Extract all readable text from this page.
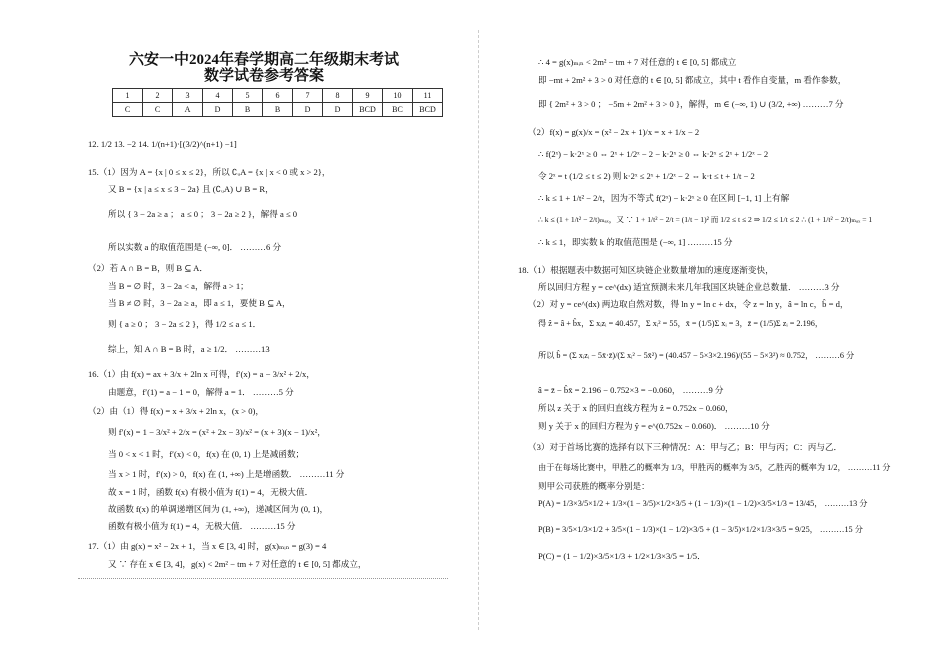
六安一中2024年春学期高二年级期末考试
数学试卷参考答案
1	2	3	4	5	6	7	8	9	10	11
C	C	A	D	B	B	D	D	BCD	BC	BCD
12. 1/2 13. −2 14. 1/(n+1)·[(3/2)^(n+1) −1]
15.（1）因为 A = {x | 0 ≤ x ≤ 2}，所以 ∁ᵤA = {x | x < 0 或 x > 2}，
又 B = {x | a ≤ x ≤ 3 − 2a} 且 (∁ᵤA) ∪ B = R，
所以 { 3 − 2a ≥ a ； a ≤ 0 ； 3 − 2a ≥ 2 }，解得 a ≤ 0
所以实数 a 的取值范围是 (−∞, 0]． ………6 分
（2）若 A ∩ B = B，则 B ⊆ A．
当 B = ∅ 时，3 − 2a < a，解得 a > 1；
当 B ≠ ∅ 时，3 − 2a ≥ a，即 a ≤ 1，要使 B ⊆ A，
则 { a ≥ 0 ； 3 − 2a ≤ 2 }，得 1/2 ≤ a ≤ 1．
综上，知 A ∩ B = B 时，a ≥ 1/2． ………13
16.（1）由 f(x) = ax + 3/x + 2ln x 可得，f′(x) = a − 3/x² + 2/x，
由题意，f′(1) = a − 1 = 0，解得 a = 1． ………5 分
（2）由（1）得 f(x) = x + 3/x + 2ln x，(x > 0)，
则 f′(x) = 1 − 3/x² + 2/x = (x² + 2x − 3)/x² = (x + 3)(x − 1)/x²，
当 0 < x < 1 时，f′(x) < 0，f(x) 在 (0, 1) 上是减函数；
当 x > 1 时，f′(x) > 0，f(x) 在 (1, +∞) 上是增函数． ………11 分
故 x = 1 时，函数 f(x) 有极小值为 f(1) = 4，无极大值．
故函数 f(x) 的单调递增区间为 (1, +∞)，递减区间为 (0, 1)，
函数有极小值为 f(1) = 4，无极大值． ………15 分
17.（1）由 g(x) = x² − 2x + 1，当 x ∈ [3, 4] 时，g(x)ₘᵢₙ = g(3) = 4
又 ∵ 存在 x ∈ [3, 4]，g(x) < 2m² − tm + 7 对任意的 t ∈ [0, 5] 都成立，
∴ 4 = g(x)ₘᵢₙ < 2m² − tm + 7 对任意的 t ∈ [0, 5] 都成立
即 −mt + 2m² + 3 > 0 对任意的 t ∈ [0, 5] 都成立，其中 t 看作自变量，m 看作参数，
即 { 2m² + 3 > 0 ； −5m + 2m² + 3 > 0 }，解得，m ∈ (−∞, 1) ∪ (3/2, +∞) ………7 分
（2）f(x) = g(x)/x = (x² − 2x + 1)/x = x + 1/x − 2
∴ f(2ˣ) − k·2ˣ ≥ 0 ⇔ 2ˣ + 1/2ˣ − 2 − k·2ˣ ≥ 0 ⇔ k·2ˣ ≤ 2ˣ + 1/2ˣ − 2
令 2ˣ = t (1/2 ≤ t ≤ 2) 则 k·2ˣ ≤ 2ˣ + 1/2ˣ − 2 ⇔ k·t ≤ t + 1/t − 2
∴ k ≤ 1 + 1/t² − 2/t，因为不等式 f(2ˣ) − k·2ˣ ≥ 0 在区间 [−1, 1] 上有解
∴ k ≤ (1 + 1/t² − 2/t)ₘₐₓ，又 ∵ 1 + 1/t² − 2/t = (1/t − 1)² 而 1/2 ≤ t ≤ 2 ⇒ 1/2 ≤ 1/t ≤ 2 ∴ (1 + 1/t² − 2/t)ₘₐₓ = 1
∴ k ≤ 1，即实数 k 的取值范围是 (−∞, 1] ………15 分
18.（1）根据题表中数据可知区块链企业数量增加的速度逐渐变快，
所以回归方程 y = ce^(dx) 适宜预测未来几年我国区块链企业总数量． ………3 分
（2）对 y = ce^(dx) 两边取自然对数，得 ln y = ln c + dx，令 z = ln y，â = ln c，b̂ = d，
得 ẑ = â + b̂x，Σ xᵢzᵢ = 40.457，Σ xᵢ² = 55，x̄ = (1/5)Σ xᵢ = 3，z̄ = (1/5)Σ zᵢ = 2.196，
所以 b̂ = (Σ xᵢzᵢ − 5x̄·z̄)/(Σ xᵢ² − 5x̄²) = (40.457 − 5×3×2.196)/(55 − 5×3²) ≈ 0.752， ………6 分
â = z̄ − b̂x̄ = 2.196 − 0.752×3 = −0.060， ………9 分
所以 z 关于 x 的回归直线方程为 ẑ = 0.752x − 0.060，
则 y 关于 x 的回归方程为 ŷ = e^(0.752x − 0.060)． ………10 分
（3）对于首场比赛的选择有以下三种情况：A：甲与乙；B：甲与丙；C：丙与乙．
由于在每场比赛中，甲胜乙的概率为 1/3，甲胜丙的概率为 3/5，乙胜丙的概率为 1/2， ………11 分
则甲公司获胜的概率分别是：
P(A) = 1/3×3/5×1/2 + 1/3×(1 − 3/5)×1/2×3/5 + (1 − 1/3)×(1 − 1/2)×3/5×1/3 = 13/45， ………13 分
P(B) = 3/5×1/3×1/2 + 3/5×(1 − 1/3)×(1 − 1/2)×3/5 + (1 − 3/5)×1/2×1/3×3/5 = 9/25， ………15 分
P(C) = (1 − 1/2)×3/5×1/3 + 1/2×1/3×3/5 = 1/5．
